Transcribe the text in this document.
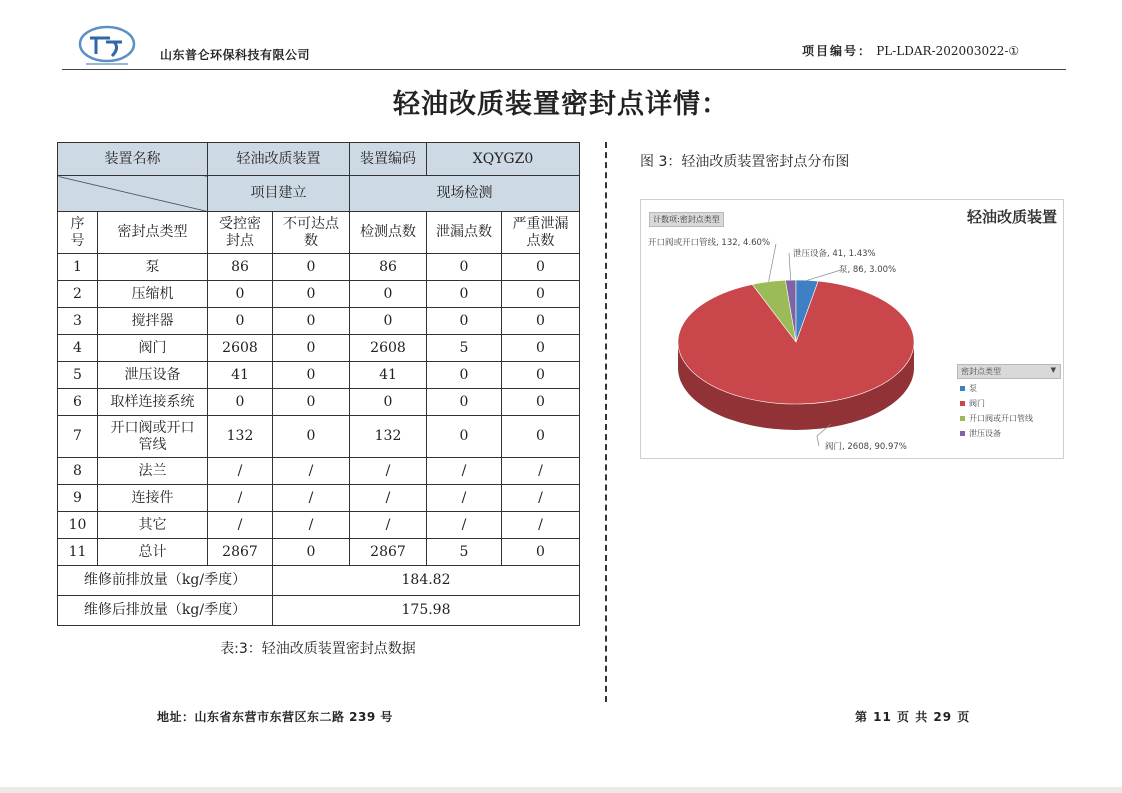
山东普仑环保科技有限公司	项目编号： PL-LDAR-202003022-①
轻油改质装置密封点详情：
装置名称		轻油改质装置		装置编码	XQYGZ0	
		项目建立		现场检测		
序号	密封点类型	受控密封点	不可达点数	检测点数	泄漏点数	严重泄漏点数
1	泵	86	0	86	0	0
2	压缩机	0	0	0	0	0
3	搅拌器	0	0	0	0	0
4	阀门	2608	0	2608	5	0
5	泄压设备	41	0	41	0	0
6	取样连接系统	0	0	0	0	0
7	开口阀或开口管线	132	0	132	0	0
8	法兰	/	/	/	/	/
9	连接件	/	/	/	/	/
10	其它	/	/	/	/	/
11	总计	2867	0	2867	5	0
维修前排放量（kg/季度）			184.82			
维修后排放量（kg/季度）			175.98			
表:3：轻油改质装置密封点数据
图 3：轻油改质装置密封点分布图
计数项:密封点类型	轻油改质装置
开口阀或开口管线, 132, 4.60%
泄压设备, 41, 1.43%
泵, 86, 3.00%
阀门, 2608, 90.97%
密封点类型	▼
泵
阀门
开口阀或开口管线
泄压设备
地址：山东省东营市东营区东二路 239 号	第 11 页 共 29 页
